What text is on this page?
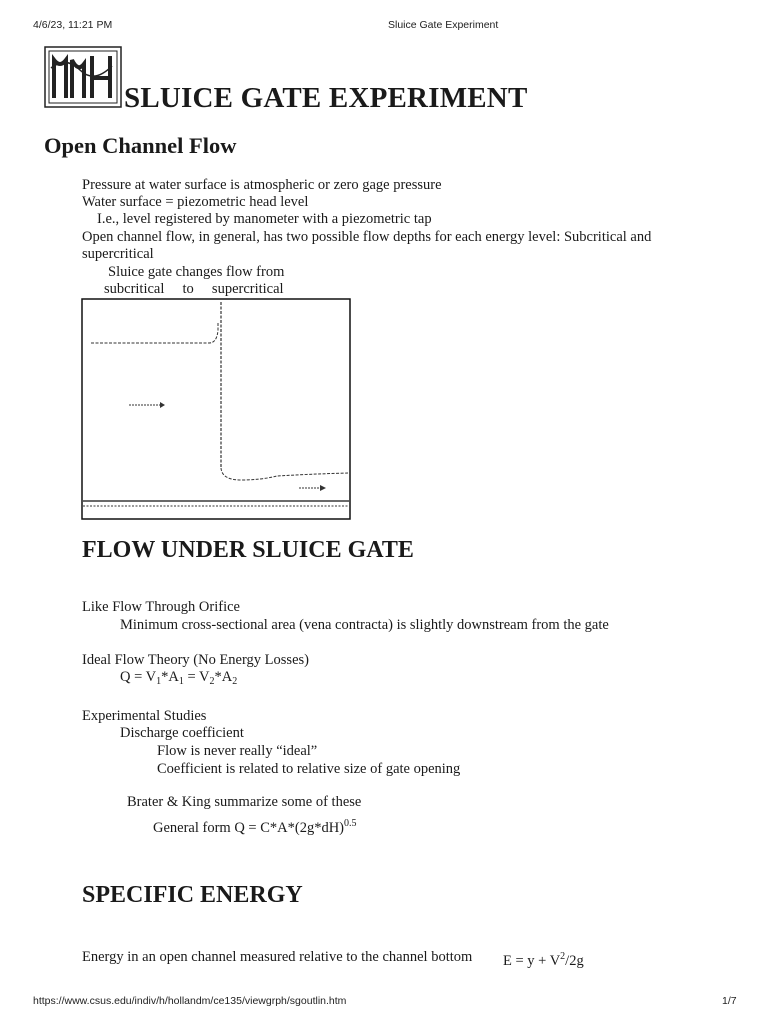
4/6/23, 11:21 PM	Sluice Gate Experiment
MH SLUICE GATE EXPERIMENT
Open Channel Flow
Pressure at water surface is atmospheric or zero gage pressure
Water surface = piezometric head level
I.e., level registered by manometer with a piezometric tap
Open channel flow, in general, has two possible flow depths for each energy level: Subcritical and
supercritical
Sluice gate changes flow from
subcritical     to     supercritical
FLOW UNDER SLUICE GATE
Like Flow Through Orifice
Minimum cross-sectional area (vena contracta) is slightly downstream from the gate
Ideal Flow Theory (No Energy Losses)
$Q = V_1*A_1 = V_2*A_2$
Experimental Studies
Discharge coefficient
Flow is never really “ideal”
Coefficient is related to relative size of gate opening
Brater & King summarize some of these
General form $Q = C*A*(2g*dH)^{0.5}$
SPECIFIC ENERGY
Energy in an open channel measured relative to the channel bottom $E = y + V^2/2g$
https://www.csus.edu/indiv/h/hollandm/ce135/viewgrph/sgoutlin.htm	1/7
